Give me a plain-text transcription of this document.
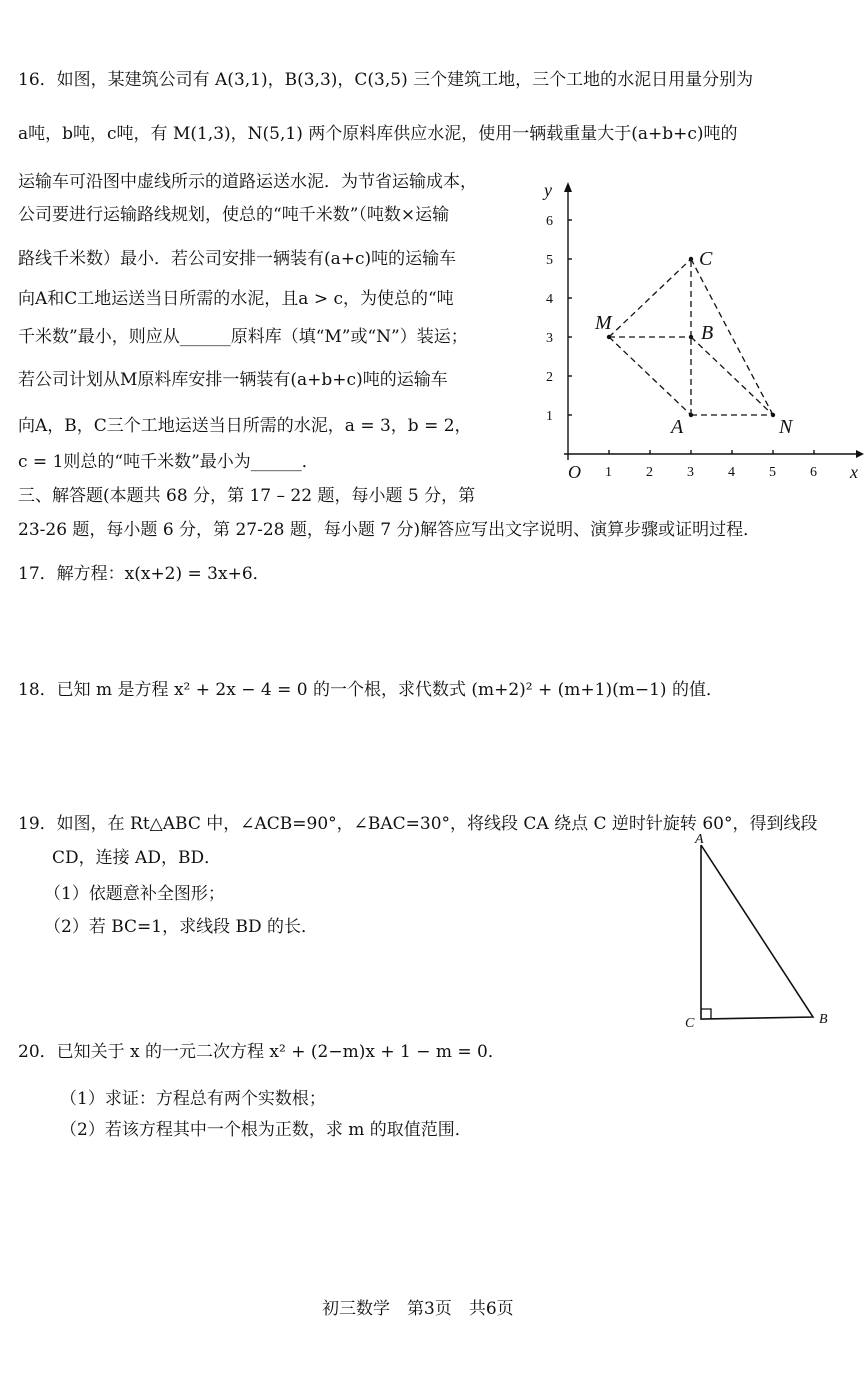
16．如图，某建筑公司有 A(3,1)，B(3,3)，C(3,5) 三个建筑工地，三个工地的水泥日用量分别为
a吨，b吨，c吨，有 M(1,3)，N(5,1) 两个原料库供应水泥，使用一辆载重量大于(a+b+c)吨的
运输车可沿图中虚线所示的道路运送水泥．为节省运输成本，
公司要进行运输路线规划，使总的“吨千米数”（吨数×运输
路线千米数）最小．若公司安排一辆装有(a+c)吨的运输车
向A和C工地运送当日所需的水泥，且a > c，为使总的“吨
千米数”最小，则应从______原料库（填“M”或“N”）装运；
若公司计划从M原料库安排一辆装有(a+b+c)吨的运输车
向A，B，C三个工地运送当日所需的水泥，a = 3，b = 2，
c = 1则总的“吨千米数”最小为______．
1 2 3 4 5 6
1
2
3
4
5
6
x
y
O
A
B
C
M
N
三、解答题(本题共 68 分，第 17 – 22 题，每小题 5 分，第
23-26 题，每小题 6 分，第 27-28 题，每小题 7 分)解答应写出文字说明、演算步骤或证明过程．
17．解方程：x(x+2) = 3x+6．
18．已知 m 是方程 x² + 2x − 4 = 0 的一个根，求代数式 (m+2)² + (m+1)(m−1) 的值．
19．如图，在 Rt△ABC 中，∠ACB=90°，∠BAC=30°，将线段 CA 绕点 C 逆时针旋转 60°，得到线段
CD，连接 AD，BD．
（1）依题意补全图形；
（2）若 BC=1，求线段 BD 的长．
A
C	B
20．已知关于 x 的一元二次方程 x² + (2−m)x + 1 − m = 0．
（1）求证：方程总有两个实数根；
（2）若该方程其中一个根为正数，求 m 的取值范围．
初三数学　第3页　共6页
